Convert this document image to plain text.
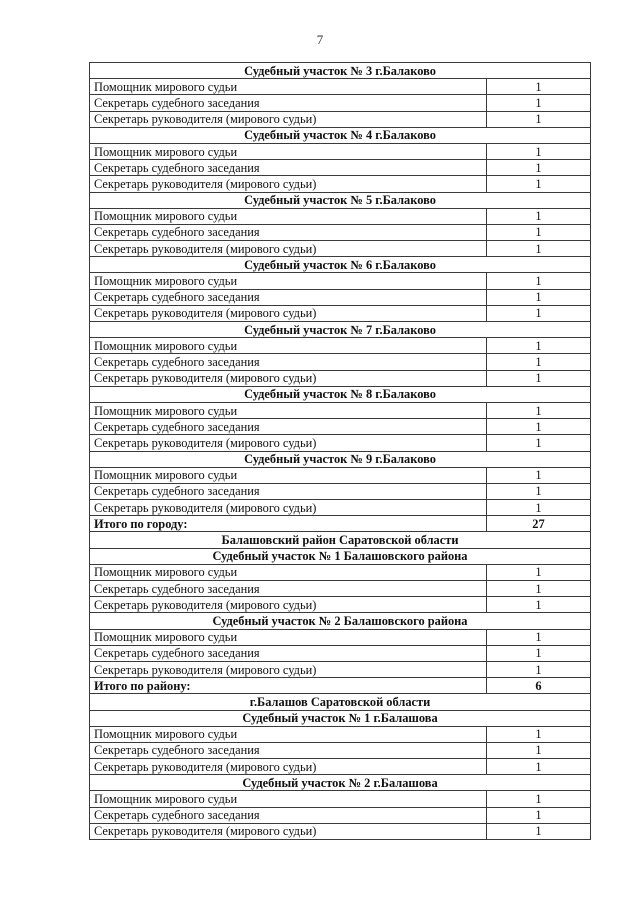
7
Судебный участок № 3 г.Балаково	
Помощник мирового судьи	1
Секретарь судебного заседания	1
Секретарь руководителя (мирового судьи)	1
Судебный участок № 4 г.Балаково	
Помощник мирового судьи	1
Секретарь судебного заседания	1
Секретарь руководителя (мирового судьи)	1
Судебный участок № 5 г.Балаково	
Помощник мирового судьи	1
Секретарь судебного заседания	1
Секретарь руководителя (мирового судьи)	1
Судебный участок № 6 г.Балаково	
Помощник мирового судьи	1
Секретарь судебного заседания	1
Секретарь руководителя (мирового судьи)	1
Судебный участок № 7 г.Балаково	
Помощник мирового судьи	1
Секретарь судебного заседания	1
Секретарь руководителя (мирового судьи)	1
Судебный участок № 8 г.Балаково	
Помощник мирового судьи	1
Секретарь судебного заседания	1
Секретарь руководителя (мирового судьи)	1
Судебный участок № 9 г.Балаково	
Помощник мирового судьи	1
Секретарь судебного заседания	1
Секретарь руководителя (мирового судьи)	1
Итого по городу:	27
Балашовский район Саратовской области	
Судебный участок № 1 Балашовского района	
Помощник мирового судьи	1
Секретарь судебного заседания	1
Секретарь руководителя (мирового судьи)	1
Судебный участок № 2 Балашовского района	
Помощник мирового судьи	1
Секретарь судебного заседания	1
Секретарь руководителя (мирового судьи)	1
Итого по району:	6
г.Балашов Саратовской области	
Судебный участок № 1 г.Балашова	
Помощник мирового судьи	1
Секретарь судебного заседания	1
Секретарь руководителя (мирового судьи)	1
Судебный участок № 2 г.Балашова	
Помощник мирового судьи	1
Секретарь судебного заседания	1
Секретарь руководителя (мирового судьи)	1
